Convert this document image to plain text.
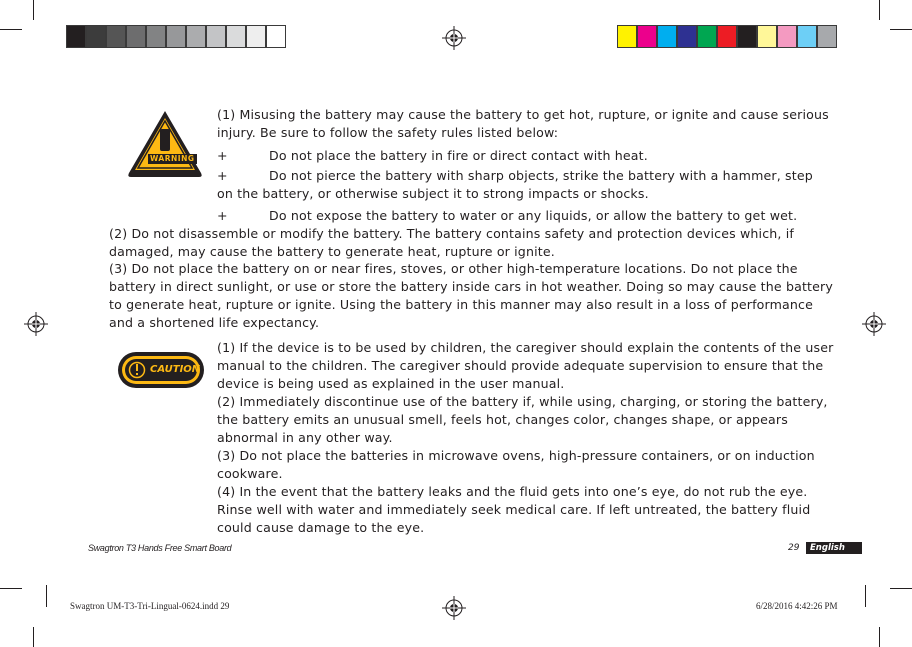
WARNING

(1) Misusing the battery may cause the battery to get hot, rupture, or ignite and cause serious
injury. Be sure to follow the safety rules listed below:

+	Do not place the battery in fire or direct contact with heat.

+	Do not pierce the battery with sharp objects, strike the battery with a hammer, step

on the battery, or otherwise subject it to strong impacts or shocks.

+	Do not expose the battery to water or any liquids, or allow the battery to get wet.

(2) Do not disassemble or modify the battery. The battery contains safety and protection devices which, if
damaged, may cause the battery to generate heat, rupture or ignite.

(3) Do not place the battery on or near fires, stoves, or other high-temperature locations. Do not place the
battery in direct sunlight, or use or store the battery inside cars in hot weather. Doing so may cause the battery
to generate heat, rupture or ignite. Using the battery in this manner may also result in a loss of performance
and a shortened life expectancy.

CAUTION

(1) If the device is to be used by children, the caregiver should explain the contents of the user
manual to the children. The caregiver should provide adequate supervision to ensure that the
device is being used as explained in the user manual.
(2) Immediately discontinue use of the battery if, while using, charging, or storing the battery,
the battery emits an unusual smell, feels hot, changes color, changes shape, or appears
abnormal in any other way.
(3) Do not place the batteries in microwave ovens, high-pressure containers, or on induction
cookware.
(4) In the event that the battery leaks and the fluid gets into one’s eye, do not rub the eye.
Rinse well with water and immediately seek medical care. If left untreated, the battery fluid
could cause damage to the eye.

Swagtron T3 Hands Free Smart Board	29	English
Swagtron UM-T3-Tri-Lingual-0624.indd 29	6/28/2016 4:42:26 PM
